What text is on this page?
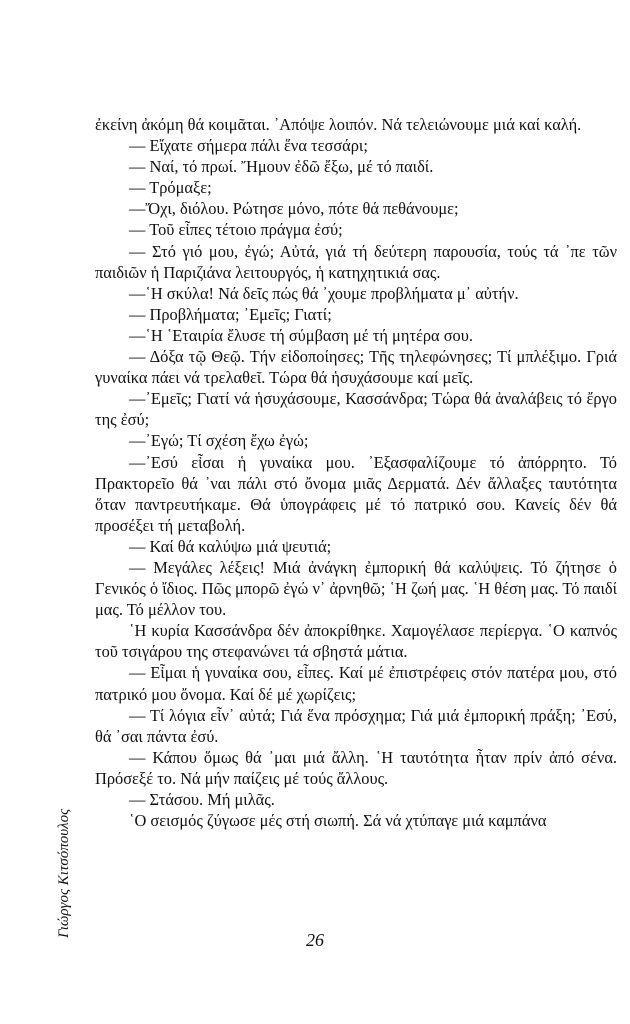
ἐκείνη ἀκόμη θά κοιμᾶται. ᾿Απόψε λοιπόν. Νά τελειώνουμε μιά καί καλή.

— Εἴχατε σήμερα πάλι ἕνα τεσσάρι;

— Ναί, τό πρωί. Ἤμουν ἐδῶ ἔξω, μέ τό παιδί.

— Τρόμαξε;

—Ὄχι, διόλου. Ρώτησε μόνο, πότε θά πεθάνουμε;

— Τοῦ εἶπες τέτοιο πράγμα ἐσύ;

— Στό γιό μου, ἐγώ; Αὐτά, γιά τή δεύτερη παρουσία, τούς τά ᾿πε τῶν παιδιῶν ἡ Παριζιάνα λειτουργός, ἡ κατηχητικιά σας.

—῾Η σκύλα! Νά δεῖς πώς θά ᾿χουμε προβλήματα μ᾿ αὐτήν.

— Προβλήματα; ᾿Εμεῖς; Γιατί;

—῾Η ῾Εταιρία ἔλυσε τή σύμβαση μέ τή μητέρα σου.

— Δόξα τῷ Θεῷ. Τήν εἰδοποίησες; Τῆς τηλεφώνησες; Τί μπλέξιμο. Γριά γυναίκα πάει νά τρελαθεῖ. Τώρα θά ἡσυχάσουμε καί μεῖς.

—᾿Εμεῖς; Γιατί νά ἡσυχάσουμε, Κασσάνδρα; Τώρα θά ἀναλάβεις τό ἔργο της ἐσύ;

—᾿Εγώ; Τί σχέση ἔχω ἐγώ;

—᾿Εσύ εἶσαι ἡ γυναίκα μου. ᾿Εξασφαλίζουμε τό ἀπόρρητο. Τό Πρακτορεῖο θά ᾿ναι πάλι στό ὄνομα μιᾶς Δερματά. Δέν ἄλλαξες ταυτότητα ὅταν παντρευτήκαμε. Θά ὑπογράφεις μέ τό πατρικό σου. Κανείς δέν θά προσέξει τή μεταβολή.

— Καί θά καλύψω μιά ψευτιά;

— Μεγάλες λέξεις! Μιά ἀνάγκη ἐμπορική θά καλύψεις. Τό ζήτησε ὁ Γενικός ὁ ἴδιος. Πῶς μπορῶ ἐγώ ν᾿ ἀρνηθῶ; ῾Η ζωή μας. ῾Η θέση μας. Τό παιδί μας. Τό μέλλον του.

῾Η κυρία Κασσάνδρα δέν ἀποκρίθηκε. Χαμογέλασε περίεργα. ῾Ο καπνός τοῦ τσιγάρου της στεφανώνει τά σβηστά μάτια.

— Εἶμαι ἡ γυναίκα σου, εἶπες. Καί μέ ἐπιστρέφεις στόν πατέρα μου, στό πατρικό μου ὄνομα. Καί δέ μέ χωρίζεις;

— Τί λόγια εἶν᾿ αὐτά; Γιά ἕνα πρόσχημα; Γιά μιά ἐμπορική πράξη; ᾿Εσύ, θά ᾿σαι πάντα ἐσύ.

— Κάπου ὅμως θά ᾿μαι μιά ἄλλη. ῾Η ταυτότητα ἦταν πρίν ἀπό σένα. Πρόσεξέ το. Νά μήν παίζεις μέ τούς ἄλλους.

— Στάσου. Μή μιλᾶς.

῾Ο σεισμός ζύγωσε μές στή σιωπή. Σά νά χτύπαγε μιά καμπάνα

Γιώργος Κιτσόπουλος
26
